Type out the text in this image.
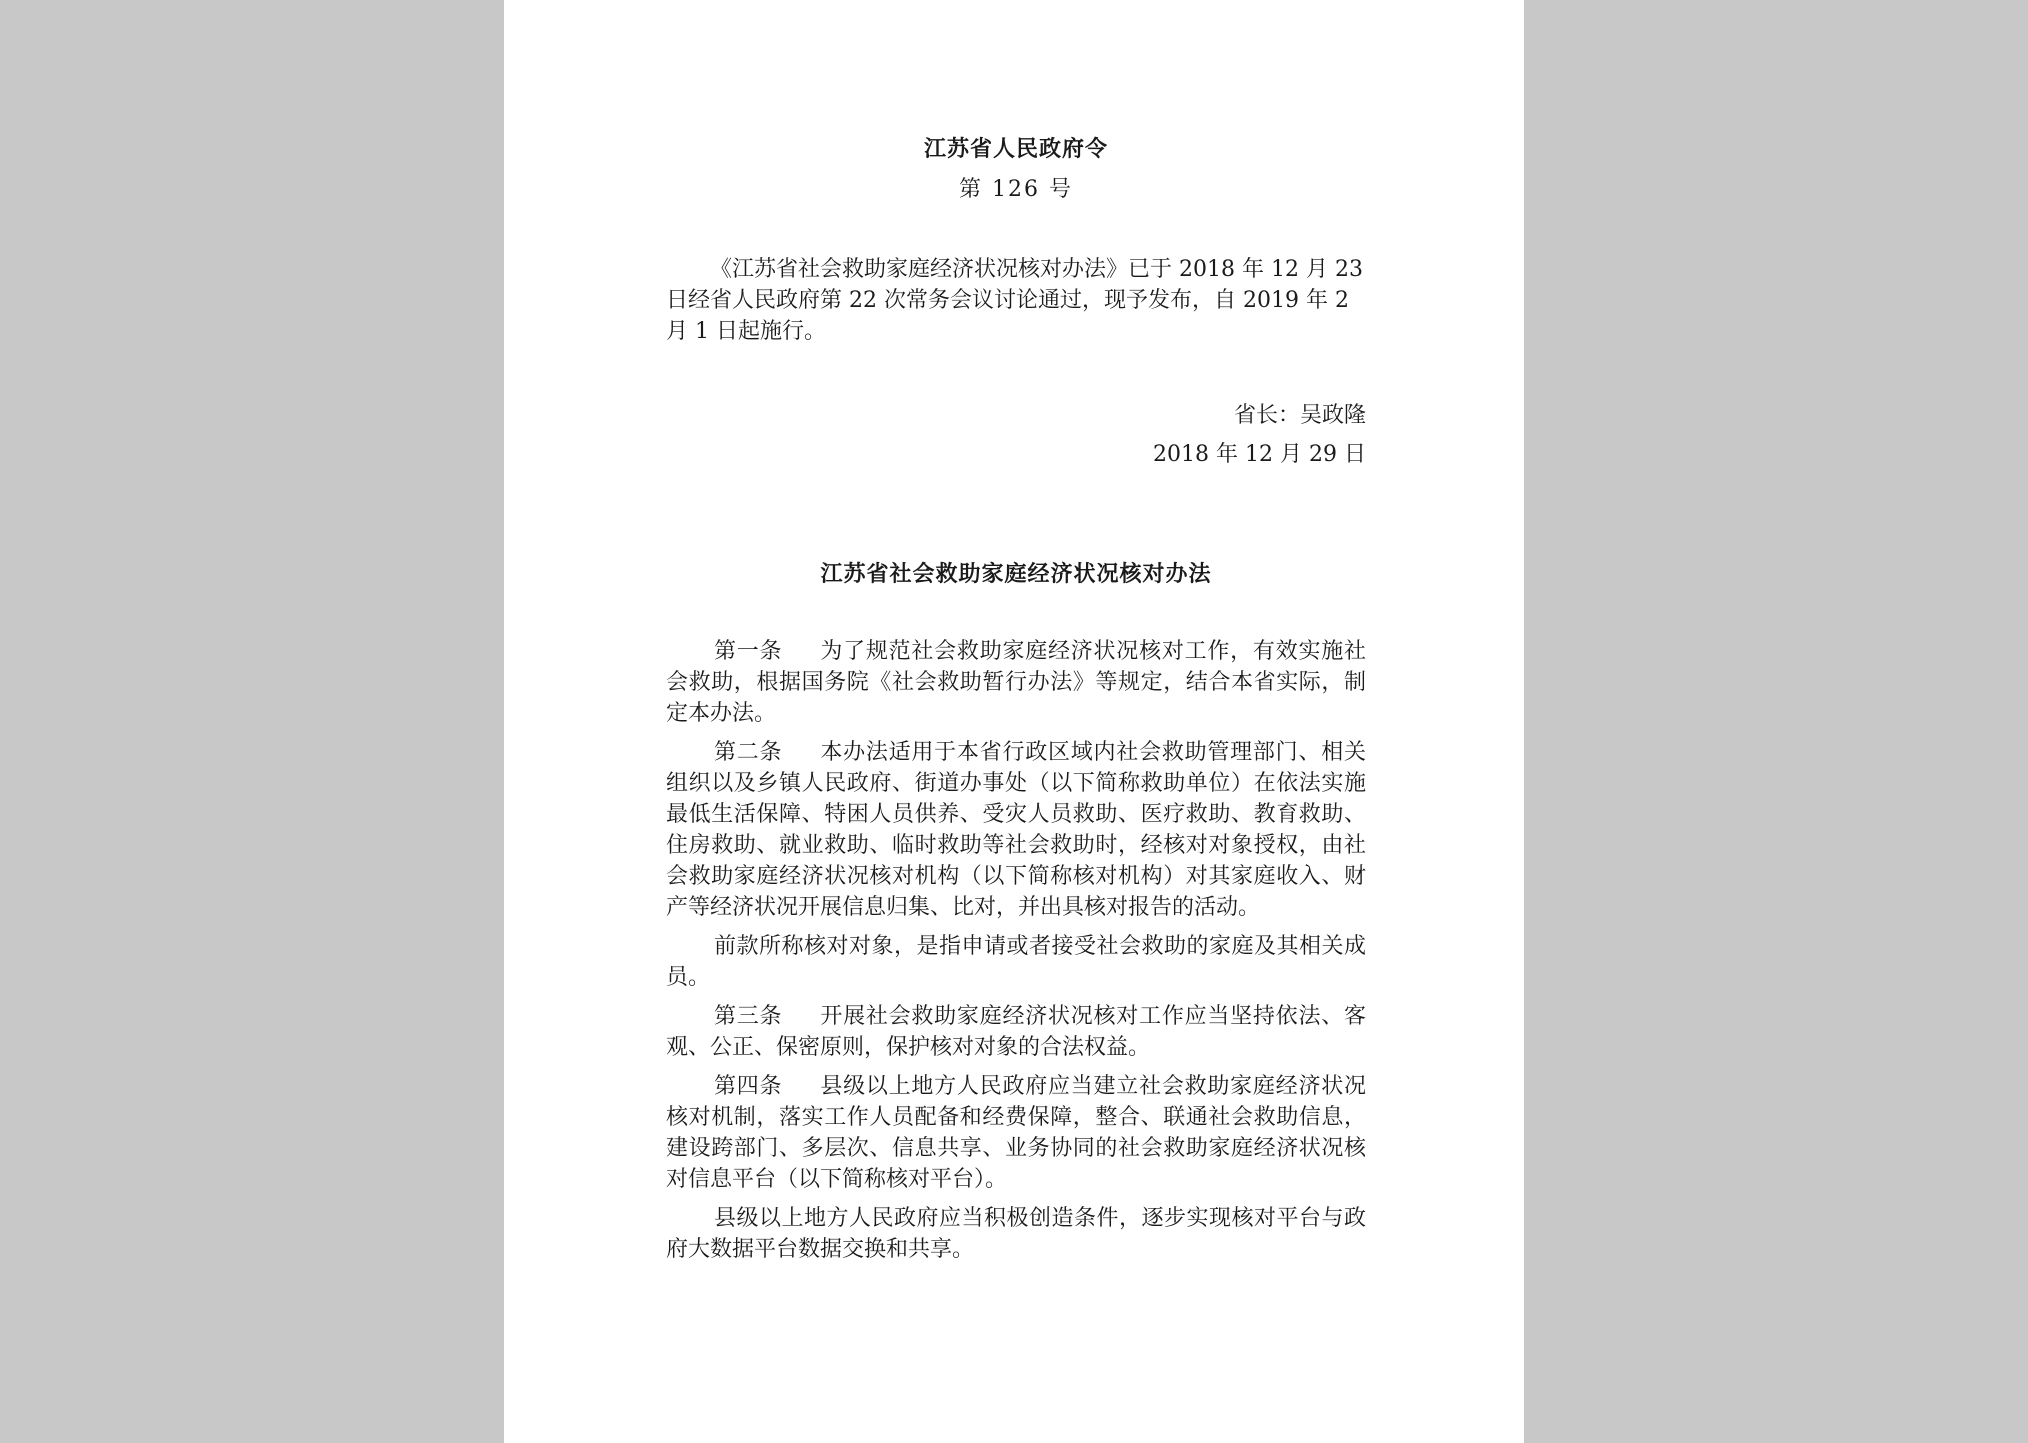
江苏省人民政府令
第 126 号
《江苏省社会救助家庭经济状况核对办法》已于 2018 年 12 月 23 日经省人民政府第 22 次常务会议讨论通过，现予发布，自 2019 年 2 月 1 日起施行。
省长：吴政隆
2018 年 12 月 29 日
江苏省社会救助家庭经济状况核对办法

第一条 为了规范社会救助家庭经济状况核对工作，有效实施社会救助，根据国务院《社会救助暂行办法》等规定，结合本省实际，制定本办法。

第二条 本办法适用于本省行政区域内社会救助管理部门、相关组织以及乡镇人民政府、街道办事处（以下简称救助单位）在依法实施最低生活保障、特困人员供养、受灾人员救助、医疗救助、教育救助、住房救助、就业救助、临时救助等社会救助时，经核对对象授权，由社会救助家庭经济状况核对机构（以下简称核对机构）对其家庭收入、财产等经济状况开展信息归集、比对，并出具核对报告的活动。

前款所称核对对象，是指申请或者接受社会救助的家庭及其相关成员。

第三条 开展社会救助家庭经济状况核对工作应当坚持依法、客观、公正、保密原则，保护核对对象的合法权益。

第四条 县级以上地方人民政府应当建立社会救助家庭经济状况核对机制，落实工作人员配备和经费保障，整合、联通社会救助信息，建设跨部门、多层次、信息共享、业务协同的社会救助家庭经济状况核对信息平台（以下简称核对平台）。

县级以上地方人民政府应当积极创造条件，逐步实现核对平台与政府大数据平台数据交换和共享。
